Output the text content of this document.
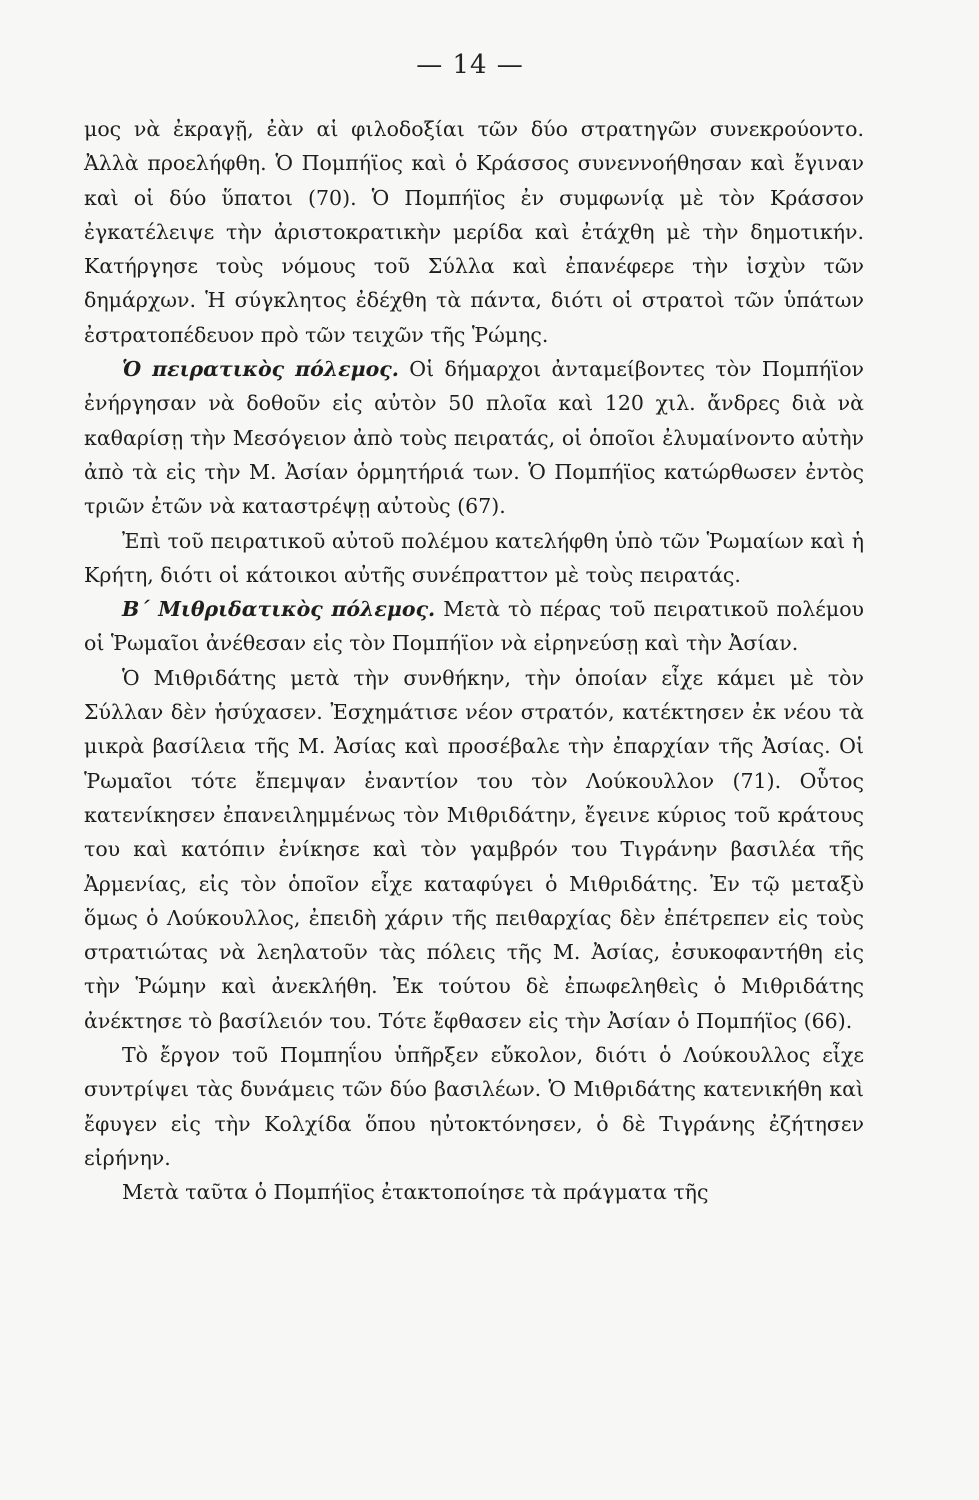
— 14 —

μος νὰ ἐκραγῇ, ἐὰν αἱ φιλοδοξίαι τῶν δύο στρατηγῶν συνεκρούοντο. Ἀλλὰ προελήφθη. Ὁ Πομπήϊος καὶ ὁ Κράσσος συνεννοήθησαν καὶ ἔγιναν καὶ οἱ δύο ὕπατοι (70). Ὁ Πομπήϊος ἐν συμφωνίᾳ μὲ τὸν Κράσσον ἐγκατέλειψε τὴν ἀριστοκρατικὴν μερίδα καὶ ἐτάχθη μὲ τὴν δημοτικήν. Κατήργησε τοὺς νόμους τοῦ Σύλλα καὶ ἐπανέφερε τὴν ἰσχὺν τῶν δημάρχων. Ἡ σύγκλητος ἐδέχθη τὰ πάντα, διότι οἱ στρατοὶ τῶν ὑπάτων ἐστρατοπέδευον πρὸ τῶν τειχῶν τῆς Ῥώμης.

Ὁ πειρατικὸς πόλεμος. Οἱ δήμαρχοι ἀνταμείβοντες τὸν Πομπήϊον ἐνήργησαν νὰ δοθοῦν εἰς αὐτὸν 50 πλοῖα καὶ 120 χιλ. ἄνδρες διὰ νὰ καθαρίσῃ τὴν Μεσόγειον ἀπὸ τοὺς πειρατάς, οἱ ὁποῖοι ἐλυμαίνοντο αὐτὴν ἀπὸ τὰ εἰς τὴν Μ. Ἀσίαν ὁρμητήριά των. Ὁ Πομπήϊος κατώρθωσεν ἐντὸς τριῶν ἐτῶν νὰ καταστρέψῃ αὐτοὺς (67).

Ἐπὶ τοῦ πειρατικοῦ αὐτοῦ πολέμου κατελήφθη ὑπὸ τῶν Ῥωμαίων καὶ ἡ Κρήτη, διότι οἱ κάτοικοι αὐτῆς συνέπραττον μὲ τοὺς πειρατάς.

Β΄ Μιθριδατικὸς πόλεμος. Μετὰ τὸ πέρας τοῦ πειρατικοῦ πολέμου οἱ Ῥωμαῖοι ἀνέθεσαν εἰς τὸν Πομπήϊον νὰ εἰρηνεύσῃ καὶ τὴν Ἀσίαν.

Ὁ Μιθριδάτης μετὰ τὴν συνθήκην, τὴν ὁποίαν εἶχε κάμει μὲ τὸν Σύλλαν δὲν ἡσύχασεν. Ἐσχημάτισε νέον στρατόν, κατέκτησεν ἐκ νέου τὰ μικρὰ βασίλεια τῆς Μ. Ἀσίας καὶ προσέβαλε τὴν ἐπαρχίαν τῆς Ἀσίας. Οἱ Ῥωμαῖοι τότε ἔπεμψαν ἐναντίον του τὸν Λούκουλλον (71). Οὗτος κατενίκησεν ἐπανειλημμένως τὸν Μιθριδάτην, ἔγεινε κύριος τοῦ κράτους του καὶ κατόπιν ἐνίκησε καὶ τὸν γαμβρόν του Τιγράνην βασιλέα τῆς Ἀρμενίας, εἰς τὸν ὁποῖον εἶχε καταφύγει ὁ Μιθριδάτης. Ἐν τῷ μεταξὺ ὅμως ὁ Λούκουλλος, ἐπειδὴ χάριν τῆς πειθαρχίας δὲν ἐπέτρεπεν εἰς τοὺς στρατιώτας νὰ λεηλατοῦν τὰς πόλεις τῆς Μ. Ἀσίας, ἐσυκοφαντήθη εἰς τὴν Ῥώμην καὶ ἀνεκλήθη. Ἐκ τούτου δὲ ἐπωφεληθεὶς ὁ Μιθριδάτης ἀνέκτησε τὸ βασίλειόν του. Τότε ἔφθασεν εἰς τὴν Ἀσίαν ὁ Πομπήϊος (66).

Τὸ ἔργον τοῦ Πομπηΐου ὑπῆρξεν εὔκολον, διότι ὁ Λούκουλλος εἶχε συντρίψει τὰς δυνάμεις τῶν δύο βασιλέων. Ὁ Μιθριδάτης κατενικήθη καὶ ἔφυγεν εἰς τὴν Κολχίδα ὅπου ηὐτοκτόνησεν, ὁ δὲ Τιγράνης ἐζήτησεν εἰρήνην.

Μετὰ ταῦτα ὁ Πομπήϊος ἐτακτοποίησε τὰ πράγματα τῆς
